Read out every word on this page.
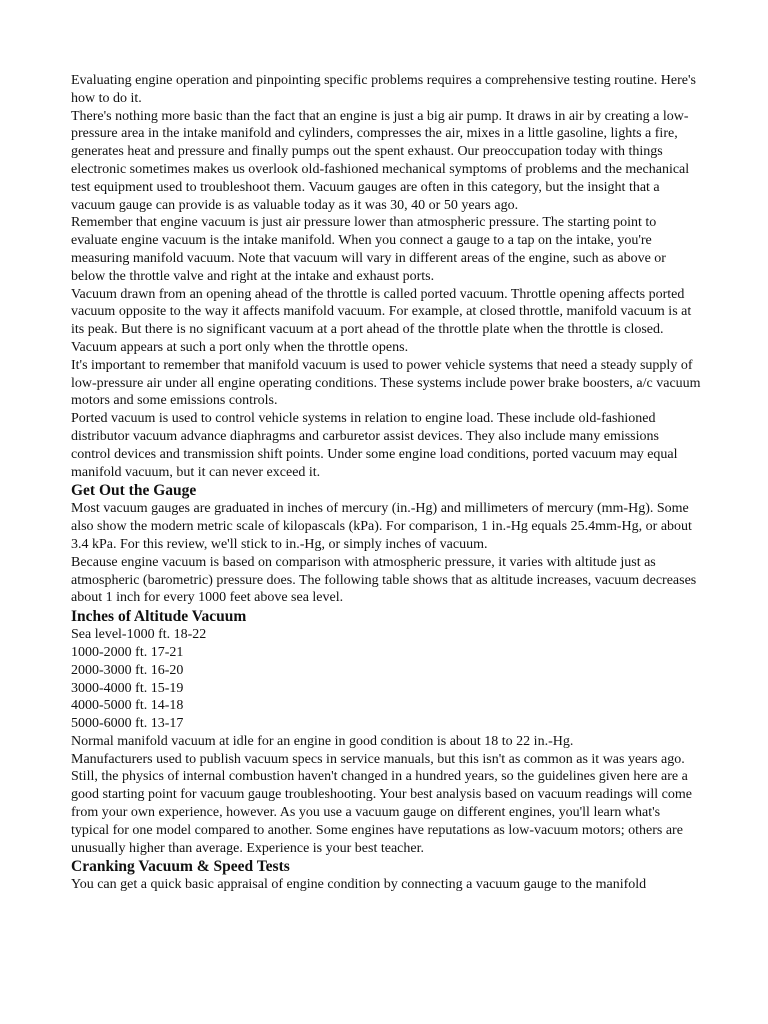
Evaluating engine operation and pinpointing specific problems requires a comprehensive testing routine. Here's how to do it.

There's nothing more basic than the fact that an engine is just a big air pump. It draws in air by creating a low-pressure area in the intake manifold and cylinders, compresses the air, mixes in a little gasoline, lights a fire, generates heat and pressure and finally pumps out the spent exhaust. Our preoccupation today with things electronic sometimes makes us overlook old-fashioned mechanical symptoms of problems and the mechanical test equipment used to troubleshoot them. Vacuum gauges are often in this category, but the insight that a vacuum gauge can provide is as valuable today as it was 30, 40 or 50 years ago.

Remember that engine vacuum is just air pressure lower than atmospheric pressure. The starting point to evaluate engine vacuum is the intake manifold. When you connect a gauge to a tap on the intake, you're measuring manifold vacuum. Note that vacuum will vary in different areas of the engine, such as above or below the throttle valve and right at the intake and exhaust ports.

Vacuum drawn from an opening ahead of the throttle is called ported vacuum. Throttle opening affects ported vacuum opposite to the way it affects manifold vacuum. For example, at closed throttle, manifold vacuum is at its peak. But there is no significant vacuum at a port ahead of the throttle plate when the throttle is closed. Vacuum appears at such a port only when the throttle opens.

It's important to remember that manifold vacuum is used to power vehicle systems that need a steady supply of low-pressure air under all engine operating conditions. These systems include power brake boosters, a/c vacuum motors and some emissions controls.

Ported vacuum is used to control vehicle systems in relation to engine load. These include old-fashioned distributor vacuum advance diaphragms and carburetor assist devices. They also include many emissions control devices and transmission shift points. Under some engine load conditions, ported vacuum may equal manifold vacuum, but it can never exceed it.

Get Out the Gauge

Most vacuum gauges are graduated in inches of mercury (in.-Hg) and millimeters of mercury (mm-Hg). Some also show the modern metric scale of kilopascals (kPa). For comparison, 1 in.-Hg equals 25.4mm-Hg, or about 3.4 kPa. For this review, we'll stick to in.-Hg, or simply inches of vacuum.

Because engine vacuum is based on comparison with atmospheric pressure, it varies with altitude just as atmospheric (barometric) pressure does. The following table shows that as altitude increases, vacuum decreases about 1 inch for every 1000 feet above sea level.

Inches of Altitude Vacuum
Sea level-1000 ft. 18-22
1000-2000 ft. 17-21
2000-3000 ft. 16-20
3000-4000 ft. 15-19
4000-5000 ft. 14-18
5000-6000 ft. 13-17

Normal manifold vacuum at idle for an engine in good condition is about 18 to 22 in.-Hg.

Manufacturers used to publish vacuum specs in service manuals, but this isn't as common as it was years ago. Still, the physics of internal combustion haven't changed in a hundred years, so the guidelines given here are a good starting point for vacuum gauge troubleshooting. Your best analysis based on vacuum readings will come from your own experience, however. As you use a vacuum gauge on different engines, you'll learn what's typical for one model compared to another. Some engines have reputations as low-vacuum motors; others are unusually higher than average. Experience is your best teacher.

Cranking Vacuum & Speed Tests

You can get a quick basic appraisal of engine condition by connecting a vacuum gauge to the manifold
